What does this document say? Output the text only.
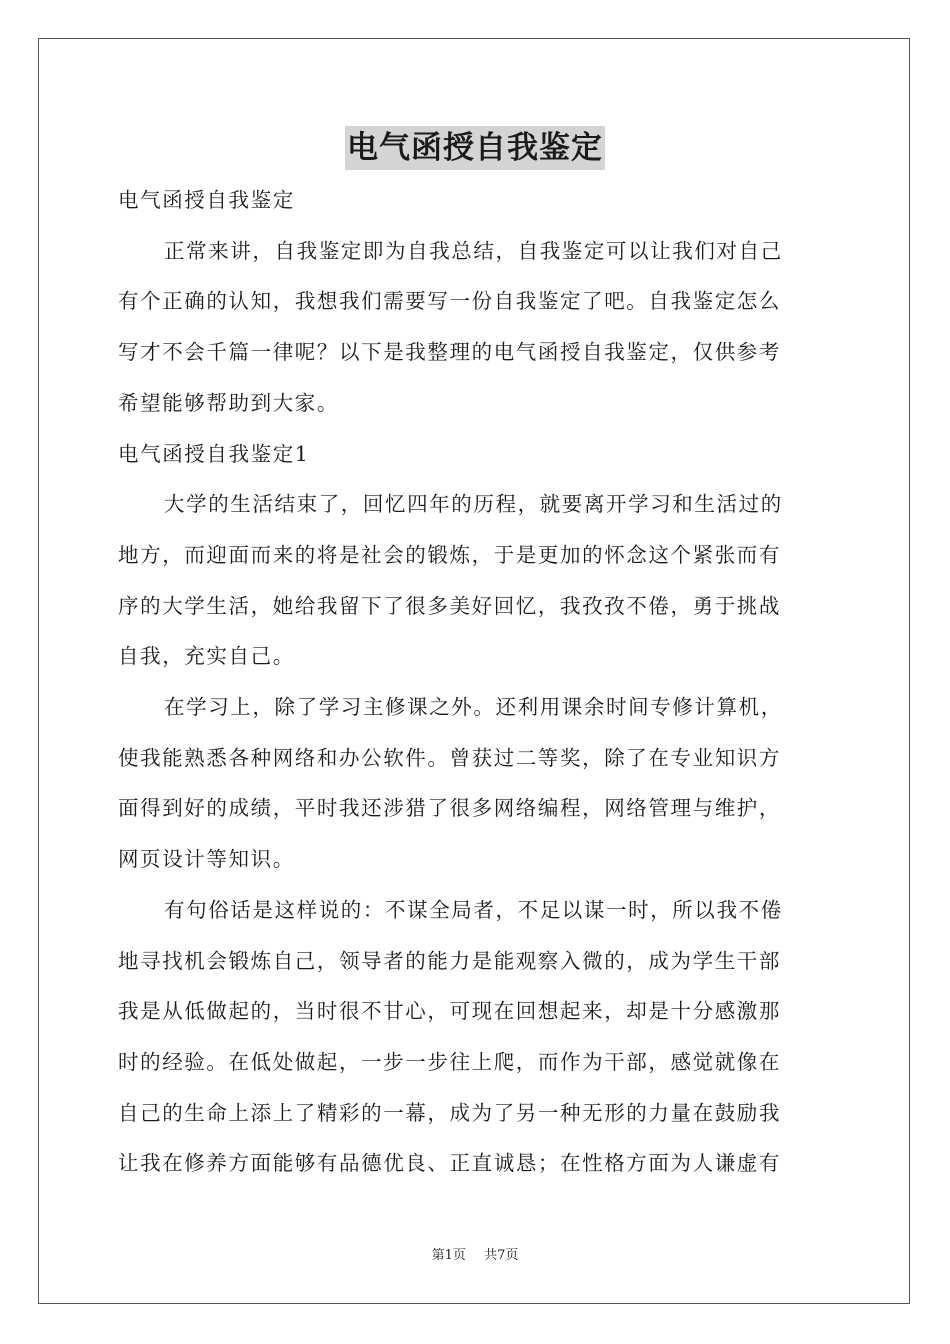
电气函授自我鉴定
电气函授自我鉴定
正常来讲，自我鉴定即为自我总结，自我鉴定可以让我们对自己
有个正确的认知，我想我们需要写一份自我鉴定了吧。自我鉴定怎么
写才不会千篇一律呢？以下是我整理的电气函授自我鉴定，仅供参考
希望能够帮助到大家。
电气函授自我鉴定1
大学的生活结束了，回忆四年的历程，就要离开学习和生活过的
地方，而迎面而来的将是社会的锻炼，于是更加的怀念这个紧张而有
序的大学生活，她给我留下了很多美好回忆，我孜孜不倦，勇于挑战
自我，充实自己。
在学习上，除了学习主修课之外。还利用课余时间专修计算机，
使我能熟悉各种网络和办公软件。曾获过二等奖，除了在专业知识方
面得到好的成绩，平时我还涉猎了很多网络编程，网络管理与维护，
网页设计等知识。
有句俗话是这样说的：不谋全局者，不足以谋一时，所以我不倦
地寻找机会锻炼自己，领导者的能力是能观察入微的，成为学生干部
我是从低做起的，当时很不甘心，可现在回想起来，却是十分感激那
时的经验。在低处做起，一步一步往上爬，而作为干部，感觉就像在
自己的生命上添上了精彩的一幕，成为了另一种无形的力量在鼓励我
让我在修养方面能够有品德优良、正直诚恳；在性格方面为人谦虚有
第1页 共7页
